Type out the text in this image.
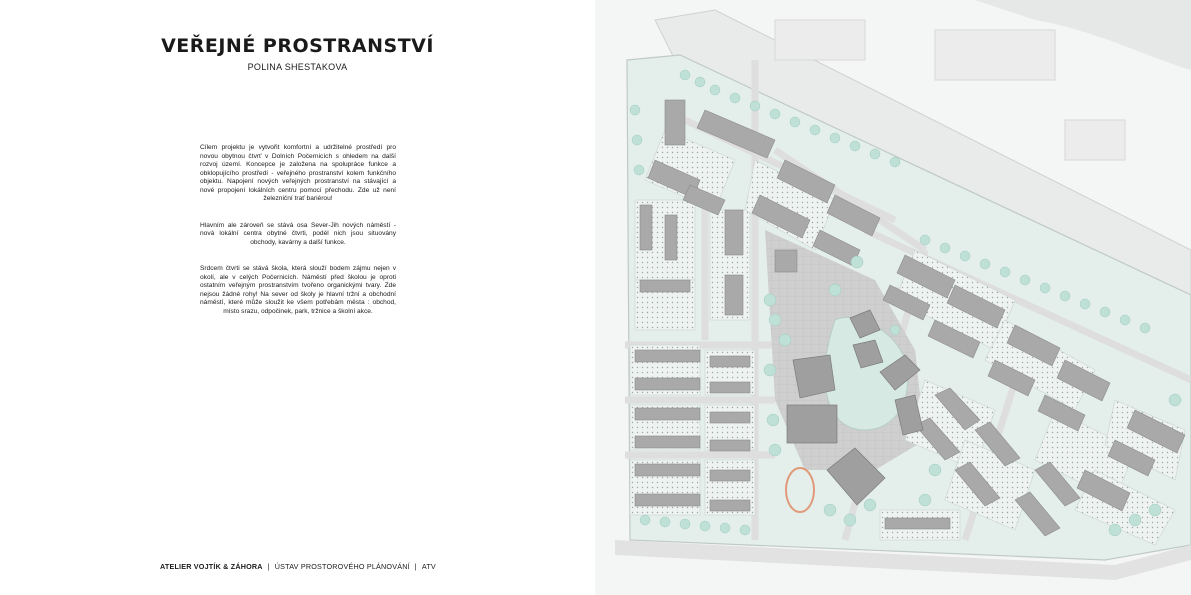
VEŘEJNÉ PROSTRANSTVÍ
POLINA SHESTAKOVA

Cílem projektu je vytvořit komfortní a udržitelné prostředí pro novou obytnou čtvrť v Dolních Počernicích s ohledem na další rozvoj území. Koncepce je založena na spolupráce funkce a obklopujícího prostředí - veřejného prostranství kolem funkčního objektu. Napojení nových veřejných prostranství na stávající a nové propojení lokálních centru pomocí přechodu. Zde už není železniční trať bariérou!

Hlavním ale zároveň se stává osa Sever-Jih nových náměstí - nová lokální centra obytné čtvrti, podél nich jsou situovány obchody, kavárny a další funkce.

Srdcem čtvrti se stává škola, která slouží bodem zájmu nejen v okolí, ale v celých Počernicích. Náměstí před školou je oproti ostatním veřejným prostranstvím tvořeno organickými tvary. Zde nejsou žádné rohy! Na sever od školy je hlavní tržní a obchodní náměstí, které může sloužit ke všem potřebám města : obchod, místo srazu, odpočinek, park, tržnice a školní akce.

ATELIER VOJTÍK & ZÁHORA | ÚSTAV PROSTOROVÉHO PLÁNOVÁNÍ | ATV
